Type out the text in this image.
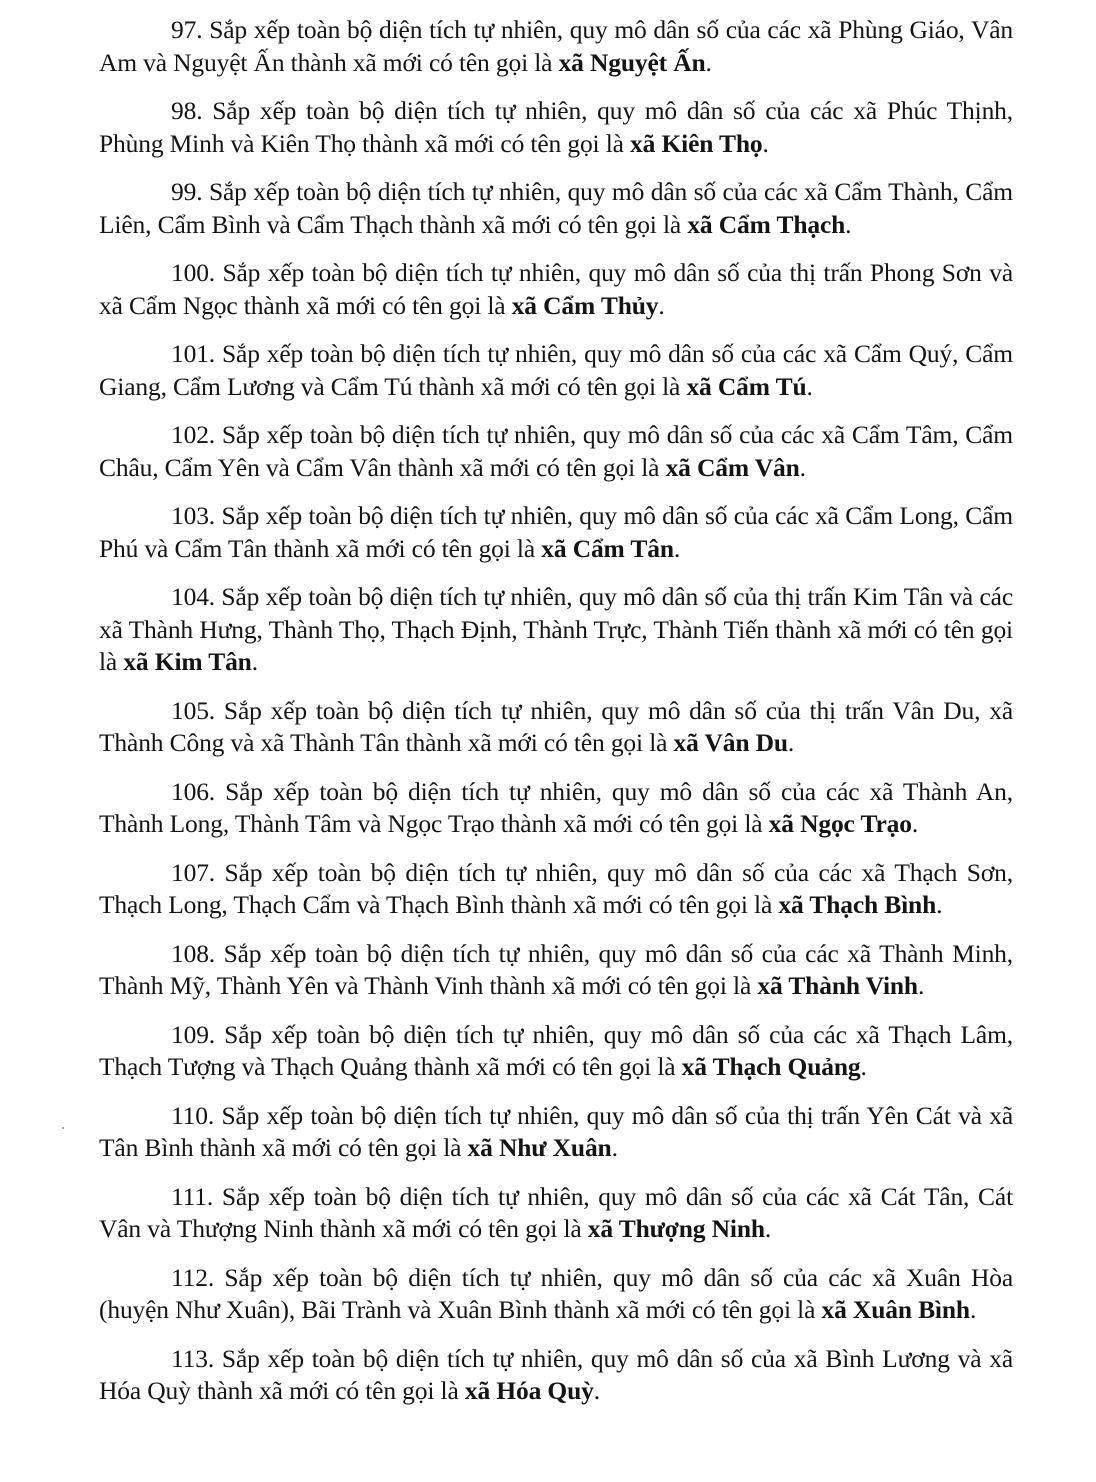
97. Sắp xếp toàn bộ diện tích tự nhiên, quy mô dân số của các xã Phùng Giáo, Vân Am và Nguyệt Ấn thành xã mới có tên gọi là xã Nguyệt Ấn.

98. Sắp xếp toàn bộ diện tích tự nhiên, quy mô dân số của các xã Phúc Thịnh, Phùng Minh và Kiên Thọ thành xã mới có tên gọi là xã Kiên Thọ.

99. Sắp xếp toàn bộ diện tích tự nhiên, quy mô dân số của các xã Cẩm Thành, Cẩm Liên, Cẩm Bình và Cẩm Thạch thành xã mới có tên gọi là xã Cẩm Thạch.

100. Sắp xếp toàn bộ diện tích tự nhiên, quy mô dân số của thị trấn Phong Sơn và xã Cẩm Ngọc thành xã mới có tên gọi là xã Cẩm Thủy.

101. Sắp xếp toàn bộ diện tích tự nhiên, quy mô dân số của các xã Cẩm Quý, Cẩm Giang, Cẩm Lương và Cẩm Tú thành xã mới có tên gọi là xã Cẩm Tú.

102. Sắp xếp toàn bộ diện tích tự nhiên, quy mô dân số của các xã Cẩm Tâm, Cẩm Châu, Cẩm Yên và Cẩm Vân thành xã mới có tên gọi là xã Cẩm Vân.

103. Sắp xếp toàn bộ diện tích tự nhiên, quy mô dân số của các xã Cẩm Long, Cẩm Phú và Cẩm Tân thành xã mới có tên gọi là xã Cẩm Tân.

104. Sắp xếp toàn bộ diện tích tự nhiên, quy mô dân số của thị trấn Kim Tân và các xã Thành Hưng, Thành Thọ, Thạch Định, Thành Trực, Thành Tiến thành xã mới có tên gọi là xã Kim Tân.

105. Sắp xếp toàn bộ diện tích tự nhiên, quy mô dân số của thị trấn Vân Du, xã Thành Công và xã Thành Tân thành xã mới có tên gọi là xã Vân Du.

106. Sắp xếp toàn bộ diện tích tự nhiên, quy mô dân số của các xã Thành An, Thành Long, Thành Tâm và Ngọc Trạo thành xã mới có tên gọi là xã Ngọc Trạo.

107. Sắp xếp toàn bộ diện tích tự nhiên, quy mô dân số của các xã Thạch Sơn, Thạch Long, Thạch Cẩm và Thạch Bình thành xã mới có tên gọi là xã Thạch Bình.

108. Sắp xếp toàn bộ diện tích tự nhiên, quy mô dân số của các xã Thành Minh, Thành Mỹ, Thành Yên và Thành Vinh thành xã mới có tên gọi là xã Thành Vinh.

109. Sắp xếp toàn bộ diện tích tự nhiên, quy mô dân số của các xã Thạch Lâm, Thạch Tượng và Thạch Quảng thành xã mới có tên gọi là xã Thạch Quảng.

110. Sắp xếp toàn bộ diện tích tự nhiên, quy mô dân số của thị trấn Yên Cát và xã Tân Bình thành xã mới có tên gọi là xã Như Xuân.

111. Sắp xếp toàn bộ diện tích tự nhiên, quy mô dân số của các xã Cát Tân, Cát Vân và Thượng Ninh thành xã mới có tên gọi là xã Thượng Ninh.

112. Sắp xếp toàn bộ diện tích tự nhiên, quy mô dân số của các xã Xuân Hòa (huyện Như Xuân), Bãi Trành và Xuân Bình thành xã mới có tên gọi là xã Xuân Bình.

113. Sắp xếp toàn bộ diện tích tự nhiên, quy mô dân số của xã Bình Lương và xã Hóa Quỳ thành xã mới có tên gọi là xã Hóa Quỳ.
